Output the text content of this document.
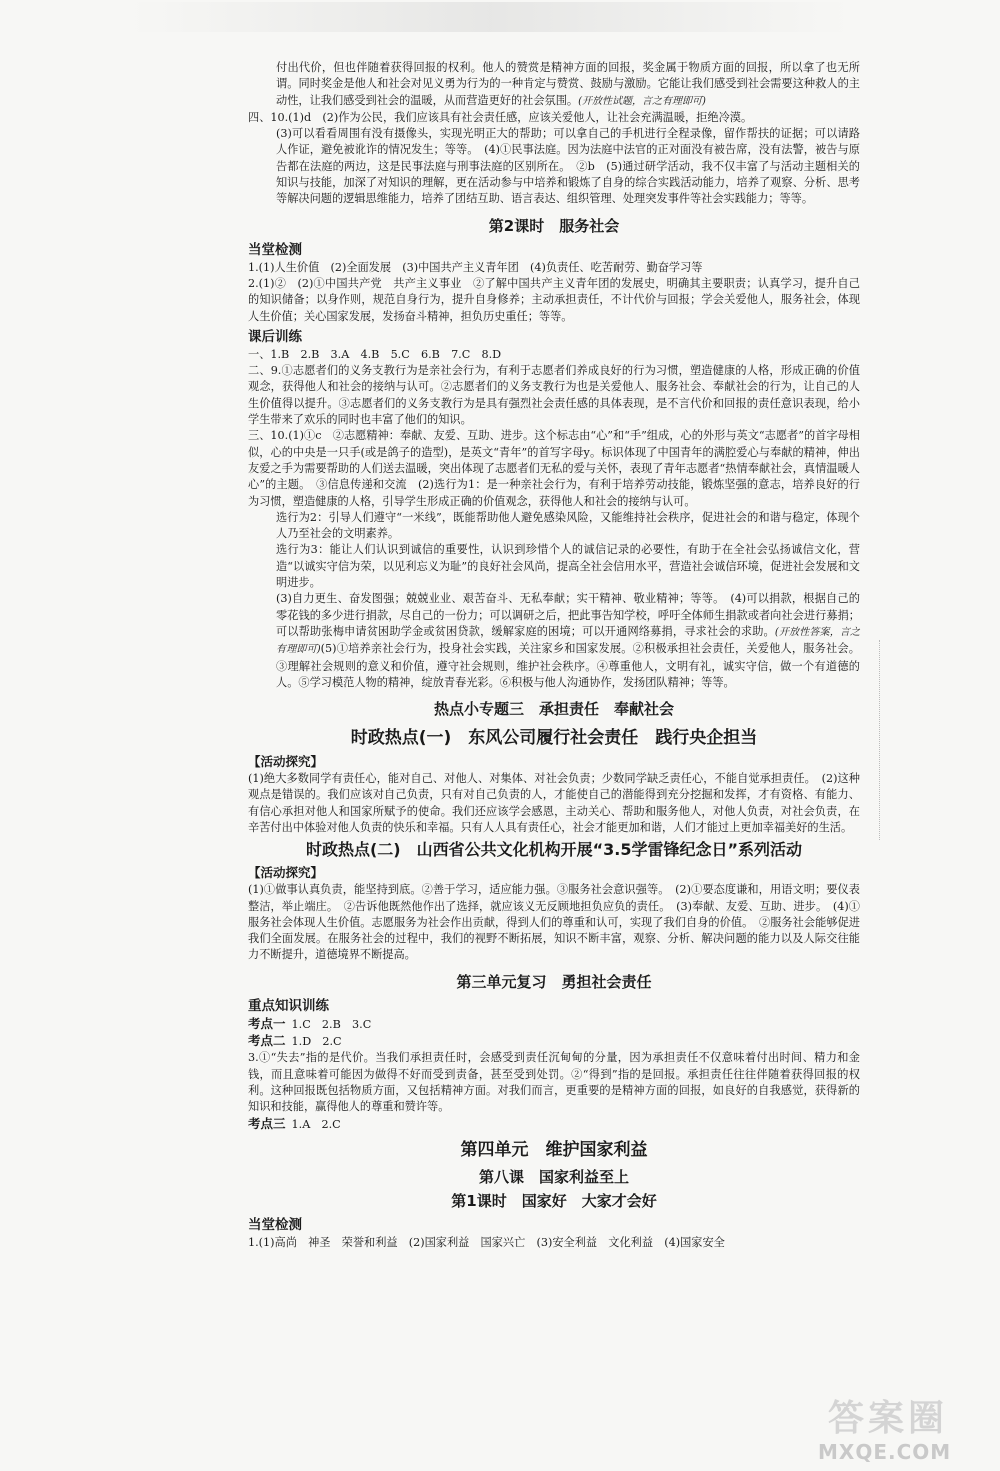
付出代价，但也伴随着获得回报的权利。他人的赞赏是精神方面的回报，奖金属于物质方面的回报，所以拿了也无所谓。同时奖金是他人和社会对见义勇为行为的一种肯定与赞赏、鼓励与激励。它能让我们感受到社会需要这种救人的主动性，让我们感受到社会的温暖，从而营造更好的社会氛围。(开放性试题，言之有理即可)

四、10.(1)d　(2)作为公民，我们应该具有社会责任感，应该关爱他人，让社会充满温暖，拒绝冷漠。

(3)可以看看周围有没有摄像头，实现光明正大的帮助；可以拿自己的手机进行全程录像，留作帮扶的证据；可以请路人作证，避免被讹诈的情况发生；等等。　(4)①民事法庭。因为法庭中法官的正对面没有被告席，没有法警，被告与原告都在法庭的两边，这是民事法庭与刑事法庭的区别所在。　②b　(5)通过研学活动，我不仅丰富了与活动主题相关的知识与技能，加深了对知识的理解，更在活动参与中培养和锻炼了自身的综合实践活动能力，培养了观察、分析、思考等解决问题的逻辑思维能力，培养了团结互助、语言表达、组织管理、处理突发事件等社会实践能力；等等。

第2课时　服务社会
当堂检测

1.(1)人生价值　(2)全面发展　(3)中国共产主义青年团　(4)负责任、吃苦耐劳、勤奋学习等

2.(1)②　(2)①中国共产党　共产主义事业　②了解中国共产主义青年团的发展史，明确其主要职责；认真学习，提升自己的知识储备；以身作则，规范自身行为，提升自身修养；主动承担责任，不计代价与回报；学会关爱他人，服务社会，体现人生价值；关心国家发展，发扬奋斗精神，担负历史重任；等等。

课后训练

一、1.B　2.B　3.A　4.B　5.C　6.B　7.C　8.D

二、9.①志愿者们的义务支教行为是亲社会行为，有利于志愿者们养成良好的行为习惯，塑造健康的人格，形成正确的价值观念，获得他人和社会的接纳与认可。②志愿者们的义务支教行为也是关爱他人、服务社会、奉献社会的行为，让自己的人生价值得以提升。③志愿者们的义务支教行为是具有强烈社会责任感的具体表现，是不言代价和回报的责任意识表现，给小学生带来了欢乐的同时也丰富了他们的知识。

三、10.(1)①c　②志愿精神：奉献、友爱、互助、进步。这个标志由“心”和“手”组成，心的外形与英文“志愿者”的首字母相似，心的中央是一只手(或是鸽子的造型)，是英文“青年”的首写字母y。标识体现了中国青年的满腔爱心与奉献的精神，伸出友爱之手为需要帮助的人们送去温暖，突出体现了志愿者们无私的爱与关怀，表现了青年志愿者“热情奉献社会，真情温暖人心”的主题。　③信息传递和交流　(2)选行为1：是一种亲社会行为，有利于培养劳动技能，锻炼坚强的意志，培养良好的行为习惯，塑造健康的人格，引导学生形成正确的价值观念，获得他人和社会的接纳与认可。

选行为2：引导人们遵守“一米线”，既能帮助他人避免感染风险，又能维持社会秩序，促进社会的和谐与稳定，体现个人乃至社会的文明素养。

选行为3：能让人们认识到诚信的重要性，认识到珍惜个人的诚信记录的必要性，有助于在全社会弘扬诚信文化，营造“以诚实守信为荣，以见利忘义为耻”的良好社会风尚，提高全社会信用水平，营造社会诚信环境，促进社会发展和文明进步。

(3)自力更生、奋发图强；兢兢业业、艰苦奋斗、无私奉献；实干精神、敬业精神；等等。　(4)可以捐款，根据自己的零花钱的多少进行捐款，尽自己的一份力；可以调研之后，把此事告知学校，呼吁全体师生捐款或者向社会进行募捐；可以帮助张梅申请贫困助学金或贫困贷款，缓解家庭的困境；可以开通网络募捐，寻求社会的求助。(开放性答案，言之有理即可)(5)①培养亲社会行为，投身社会实践，关注家乡和国家发展。②积极承担社会责任，关爱他人，服务社会。③理解社会规则的意义和价值，遵守社会规则，维护社会秩序。④尊重他人，文明有礼，诚实守信，做一个有道德的人。⑤学习模范人物的精神，绽放青春光彩。⑥积极与他人沟通协作，发扬团队精神；等等。

热点小专题三　承担责任　奉献社会
时政热点(一)　东风公司履行社会责任　践行央企担当
【活动探究】

(1)绝大多数同学有责任心，能对自己、对他人、对集体、对社会负责；少数同学缺乏责任心，不能自觉承担责任。　(2)这种观点是错误的。我们应该对自己负责，只有对自己负责的人，才能使自己的潜能得到充分挖掘和发挥，才有资格、有能力、有信心承担对他人和国家所赋予的使命。我们还应该学会感恩，主动关心、帮助和服务他人，对他人负责，对社会负责，在辛苦付出中体验对他人负责的快乐和幸福。只有人人具有责任心，社会才能更加和谐，人们才能过上更加幸福美好的生活。

时政热点(二)　山西省公共文化机构开展“3.5学雷锋纪念日”系列活动
【活动探究】

(1)①做事认真负责，能坚持到底。②善于学习，适应能力强。③服务社会意识强等。　(2)①要态度谦和，用语文明；要仪表整洁，举止端庄。　②告诉他既然他作出了选择，就应该义无反顾地担负应负的责任。　(3)奉献、友爱、互助、进步。　(4)①服务社会体现人生价值。志愿服务为社会作出贡献，得到人们的尊重和认可，实现了我们自身的价值。　②服务社会能够促进我们全面发展。在服务社会的过程中，我们的视野不断拓展，知识不断丰富，观察、分析、解决问题的能力以及人际交往能力不断提升，道德境界不断提高。

第三单元复习　勇担社会责任
重点知识训练
考点一 1.C　2.B　3.C
考点二 1.D　2.C

3.①“失去”指的是代价。当我们承担责任时，会感受到责任沉甸甸的分量，因为承担责任不仅意味着付出时间、精力和金钱，而且意味着可能因为做得不好而受到责备，甚至受到处罚。②“得到”指的是回报。承担责任往往伴随着获得回报的权利。这种回报既包括物质方面，又包括精神方面。对我们而言，更重要的是精神方面的回报，如良好的自我感觉，获得新的知识和技能，赢得他人的尊重和赞许等。

考点三 1.A　2.C
第四单元　维护国家利益
第八课　国家利益至上
第1课时　国家好　大家才会好
当堂检测

1.(1)高尚　神圣　荣誉和利益　(2)国家利益　国家兴亡　(3)安全利益　文化利益　(4)国家安全

答案圈
MXQE.COM
